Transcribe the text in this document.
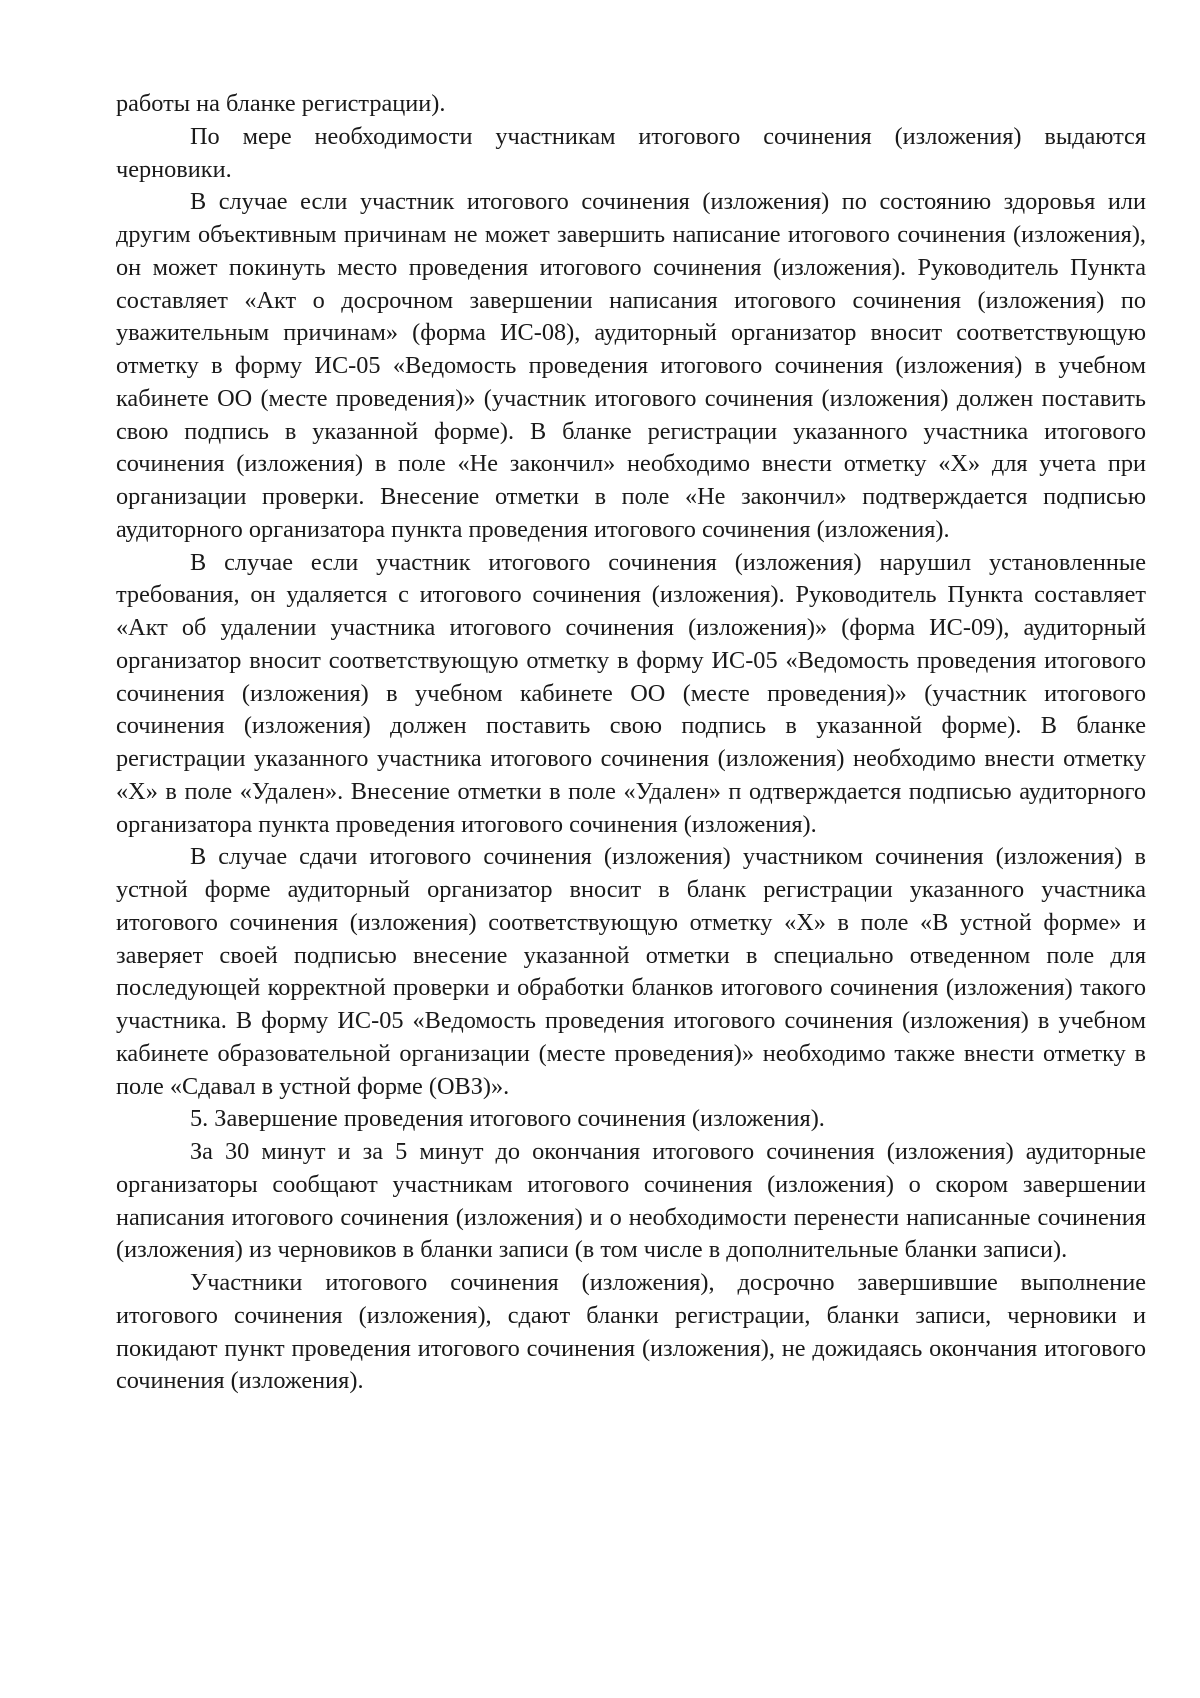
работы на бланке регистрации).

По мере необходимости участникам итогового сочинения (изложения) выдаются черновики.

В случае если участник итогового сочинения (изложения) по состоянию здоровья или другим объективным причинам не может завершить написание итогового сочинения (изложения), он может покинуть место проведения итогового сочинения (изложения). Руководитель Пункта составляет «Акт о досрочном завершении написания итогового сочинения (изложения) по уважительным причинам» (форма ИС-08), аудиторный организатор вносит соответствующую отметку в форму ИС-05 «Ведомость проведения итогового сочинения (изложения) в учебном кабинете ОО (месте проведения)» (участник итогового сочинения (изложения) должен поставить свою подпись в указанной форме). В бланке регистрации указанного участника итогового сочинения (изложения) в поле «Не закончил» необходимо внести отметку «Х» для учета при организации проверки. Внесение отметки в поле «Не закончил» подтверждается подписью аудиторного организатора пункта проведения итогового сочинения (изложения).

В случае если участник итогового сочинения (изложения) нарушил установленные требования, он удаляется с итогового сочинения (изложения). Руководитель Пункта составляет «Акт об удалении участника итогового сочинения (изложения)» (форма ИС-09), аудиторный организатор вносит соответствующую отметку в форму ИС-05 «Ведомость проведения итогового сочинения (изложения) в учебном кабинете ОО (месте проведения)» (участник итогового сочинения (изложения) должен поставить свою подпись в указанной форме). В бланке регистрации указанного участника итогового сочинения (изложения) необходимо внести отметку «Х» в поле «Удален». Внесение отметки в поле «Удален» п одтверждается подписью аудиторного организатора пункта проведения итогового сочинения (изложения).

В случае сдачи итогового сочинения (изложения) участником сочинения (изложения) в устной форме аудиторный организатор вносит в бланк регистрации указанного участника итогового сочинения (изложения) соответствующую отметку «Х» в поле «В устной форме» и заверяет своей подписью внесение указанной отметки в специально отведенном поле для последующей корректной проверки и обработки бланков итогового сочинения (изложения) такого участника. В форму ИС-05 «Ведомость проведения итогового сочинения (изложения) в учебном кабинете образовательной организации (месте проведения)» необходимо также внести отметку в поле «Сдавал в устной форме (ОВЗ)».

5. Завершение проведения итогового сочинения (изложения).

За 30 минут и за 5 минут до окончания итогового сочинения (изложения) аудиторные организаторы сообщают участникам итогового сочинения (изложения) о скором завершении написания итогового сочинения (изложения) и о необходимости перенести написанные сочинения (изложения) из черновиков в бланки записи (в том числе в дополнительные бланки записи).

Участники итогового сочинения (изложения), досрочно завершившие выполнение итогового сочинения (изложения), сдают бланки регистрации, бланки записи, черновики и покидают пункт проведения итогового сочинения (изложения), не дожидаясь окончания итогового сочинения (изложения).
